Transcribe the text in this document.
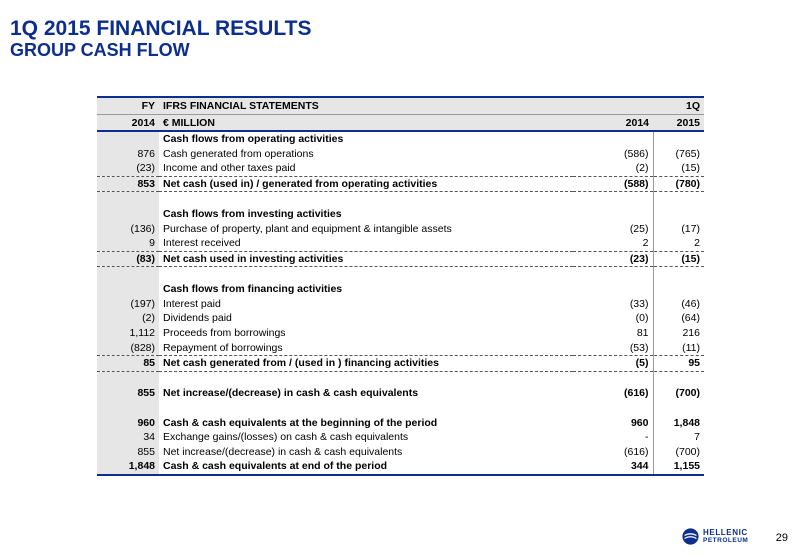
1Q 2015 FINANCIAL RESULTS
GROUP CASH FLOW
FY	IFRS FINANCIAL STATEMENTS		1Q
2014	€ MILLION	2014	2015
	Cash flows from operating activities		
876	Cash generated from operations	(586)	(765)
(23)	Income and other taxes paid	(2)	(15)
853	Net cash (used in) / generated from operating activities	(588)	(780)

	Cash flows from investing activities		
(136)	Purchase of property, plant and equipment & intangible assets	(25)	(17)
9	Interest received	2	2
(83)	Net cash used in investing activities	(23)	(15)

	Cash flows from financing activities		
(197)	Interest paid	(33)	(46)
(2)	Dividends paid	(0)	(64)
1,112	Proceeds from borrowings	81	216
(828)	Repayment of borrowings	(53)	(11)
85	Net cash generated from / (used in ) financing activities	(5)	95

855	Net increase/(decrease) in cash & cash equivalents	(616)	(700)

960	Cash & cash equivalents at the beginning of the period	960	1,848
34	Exchange gains/(losses) on cash & cash equivalents	-	7
855	Net increase/(decrease) in cash & cash equivalents	(616)	(700)
1,848	Cash & cash equivalents at end of the period	344	1,155
HELLENIC
PETROLEUM 29
